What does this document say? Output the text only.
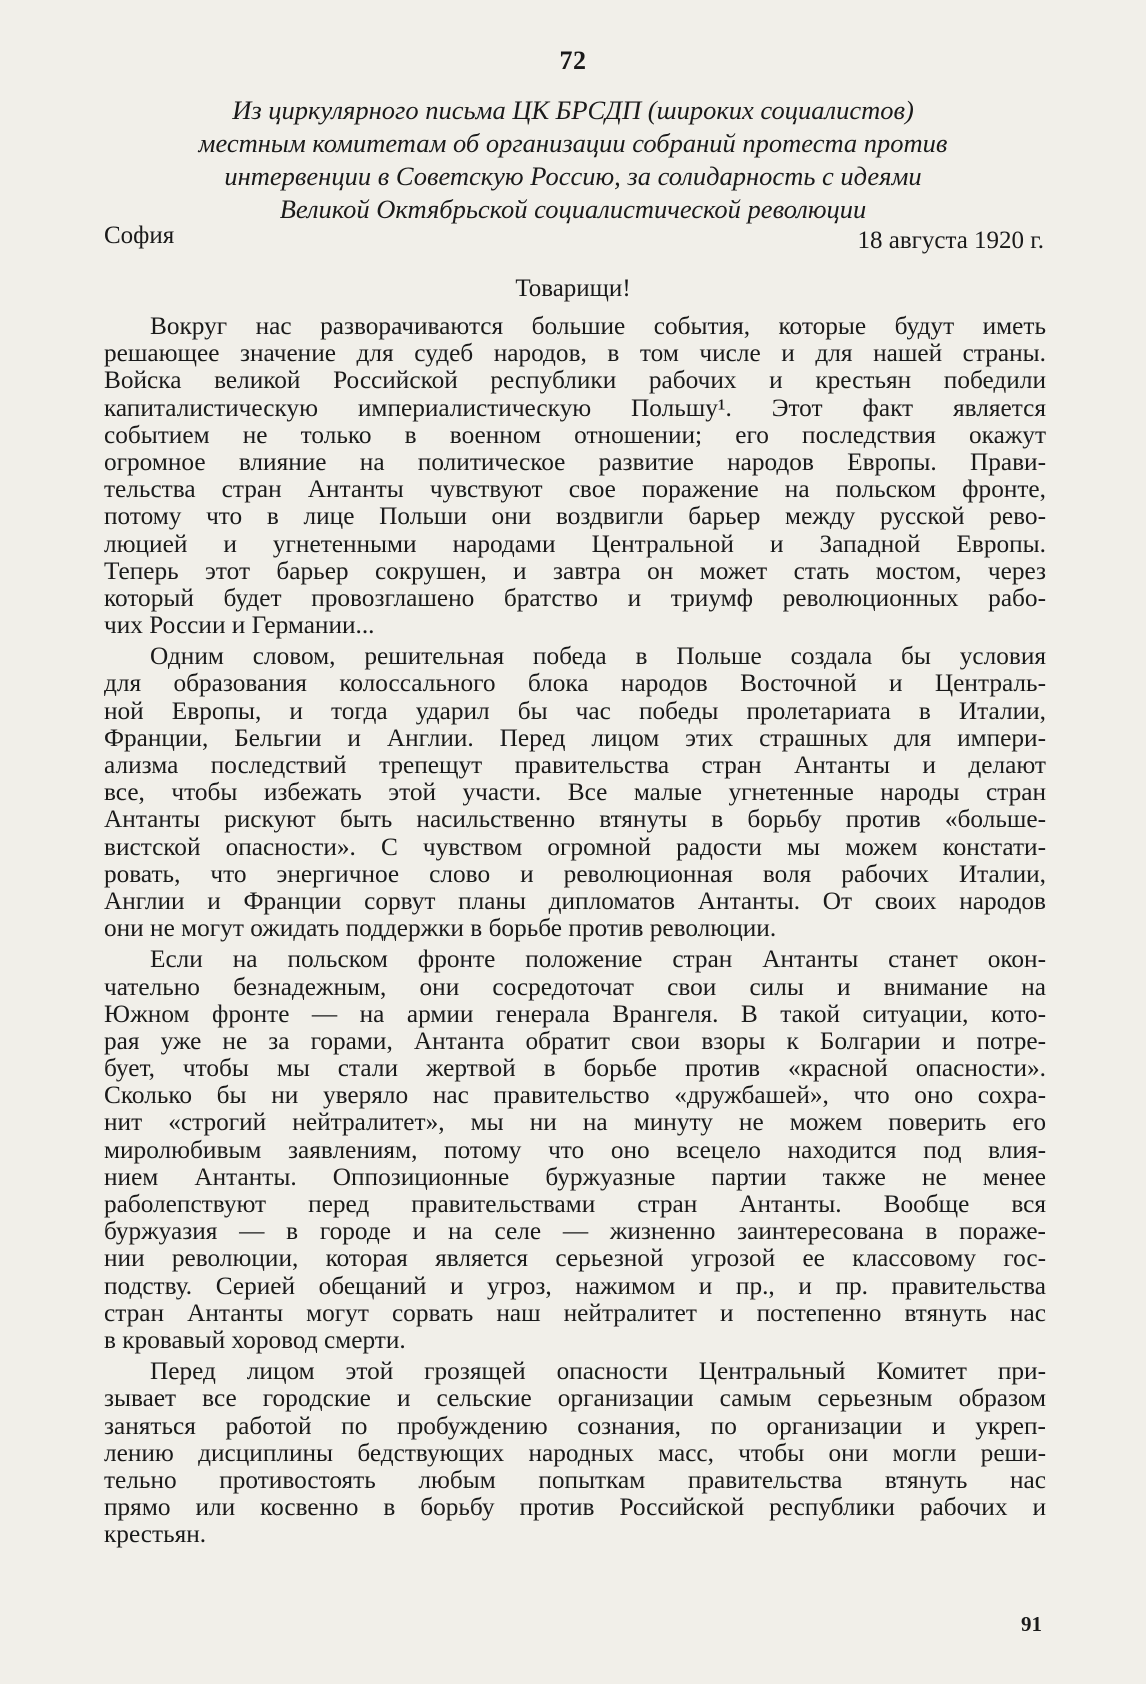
72
Из циркулярного письма ЦК БРСДП (широких социалистов)
местным комитетам об организации собраний протеста против
интервенции в Советскую Россию, за солидарность с идеями
Великой Октябрьской социалистической революции
София	18 августа 1920 г.
Товарищи!
Вокруг нас разворачиваются большие события, которые будут иметь
решающее значение для судеб народов, в том числе и для нашей страны.
Войска великой Российской республики рабочих и крестьян победили
капиталистическую империалистическую Польшу¹. Этот факт является
событием не только в военном отношении; его последствия окажут
огромное влияние на политическое развитие народов Европы. Прави-
тельства стран Антанты чувствуют свое поражение на польском фронте,
потому что в лице Польши они воздвигли барьер между русской рево-
люцией и угнетенными народами Центральной и Западной Европы.
Теперь этот барьер сокрушен, и завтра он может стать мостом, через
который будет провозглашено братство и триумф революционных рабо-
чих России и Германии...
Одним словом, решительная победа в Польше создала бы условия
для образования колоссального блока народов Восточной и Централь-
ной Европы, и тогда ударил бы час победы пролетариата в Италии,
Франции, Бельгии и Англии. Перед лицом этих страшных для импери-
ализма последствий трепещут правительства стран Антанты и делают
все, чтобы избежать этой участи. Все малые угнетенные народы стран
Антанты рискуют быть насильственно втянуты в борьбу против «больше-
вистской опасности». С чувством огромной радости мы можем констати-
ровать, что энергичное слово и революционная воля рабочих Италии,
Англии и Франции сорвут планы дипломатов Антанты. От своих народов
они не могут ожидать поддержки в борьбе против революции.
Если на польском фронте положение стран Антанты станет окон-
чательно безнадежным, они сосредоточат свои силы и внимание на
Южном фронте — на армии генерала Врангеля. В такой ситуации, кото-
рая уже не за горами, Антанта обратит свои взоры к Болгарии и потре-
бует, чтобы мы стали жертвой в борьбе против «красной опасности».
Сколько бы ни уверяло нас правительство «дружбашей», что оно сохра-
нит «строгий нейтралитет», мы ни на минуту не можем поверить его
миролюбивым заявлениям, потому что оно всецело находится под влия-
нием Антанты. Оппозиционные буржуазные партии также не менее
раболепствуют перед правительствами стран Антанты. Вообще вся
буржуазия — в городе и на селе — жизненно заинтересована в пораже-
нии революции, которая является серьезной угрозой ее классовому гос-
подству. Серией обещаний и угроз, нажимом и пр., и пр. правительства
стран Антанты могут сорвать наш нейтралитет и постепенно втянуть нас
в кровавый хоровод смерти.
Перед лицом этой грозящей опасности Центральный Комитет при-
зывает все городские и сельские организации самым серьезным образом
заняться работой по пробуждению сознания, по организации и укреп-
лению дисциплины бедствующих народных масс, чтобы они могли реши-
тельно противостоять любым попыткам правительства втянуть нас
прямо или косвенно в борьбу против Российской республики рабочих и
крестьян.
91
